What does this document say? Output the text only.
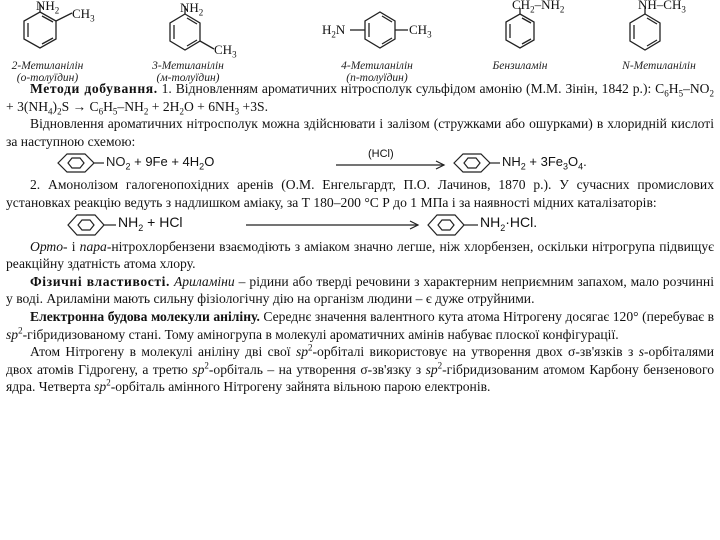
$NH_2$ $CH_3$
2-Метиланілін
(о-толуїдин)
$NH_2$
$CH_3$
3-Метиланілін
(м-толуїдин)
$H_2N$	$CH_3$
4-Метиланілін
(п-толуїдин)
$CH_2-NH_2$
Бензиламін
$NH-CH_3$
N-Метиланілін

Методи добування. 1. Відновленням ароматичних нітросполук сульфідом амонію (М.М. Зінін, 1842 р.): $C_6H_5-NO_2 + 3(NH_4)_2S \to C_6H_5-NH_2 + 2H_2O + 6NH_3 +3S$.

Відновлення ароматичних нітросполук можна здійснювати і залізом (стружками або ошурками) в хлоридній кислоті за наступною схемою:

$NO_2 + 9Fe + 4H_2O$	(HCl)	$NH_2 + 3Fe_3O_4$.

2. Амонолізом галогенопохідних аренів (О.М. Енгельгардт, П.О. Лачинов, 1870 р.). У сучасних промислових установках реакцію ведуть з надлишком аміаку, за Т 180–200 °С Р до 1 МПа і за наявності мідних каталізаторів:

$NH_2$ + HCl	$NH_2\cdot HCl$.

Орто- і пара-нітрохлорбензени взаємодіють з аміаком значно легше, ніж хлорбензен, оскільки нітрогрупа підвищує реакційну здатність атома хлору.

Фізичні властивості. Ариламіни – рідини або тверді речовини з характерним неприємним запахом, мало розчинні у воді. Ариламіни мають сильну фізіологічну дію на організм людини – є дуже отруйними.

Електронна будова молекули аніліну. Середнє значення валентного кута атома Нітрогену досягає 120° (перебуває в $sp^2$-гібридизованому стані. Тому аміногрупа в молекулі ароматичних амінів набуває плоскої конфігурації.

Атом Нітрогену в молекулі аніліну дві свої $sp^2$-орбіталі використовує на утворення двох σ-зв'язків з s-орбіталями двох атомів Гідрогену, а третю $sp^2$-орбіталь – на утворення σ-зв'язку з $sp^2$-гібридизованим атомом Карбону бензенового ядра. Четверта $sp^2$-орбіталь амінного Нітрогену зайнята вільною парою електронів.
